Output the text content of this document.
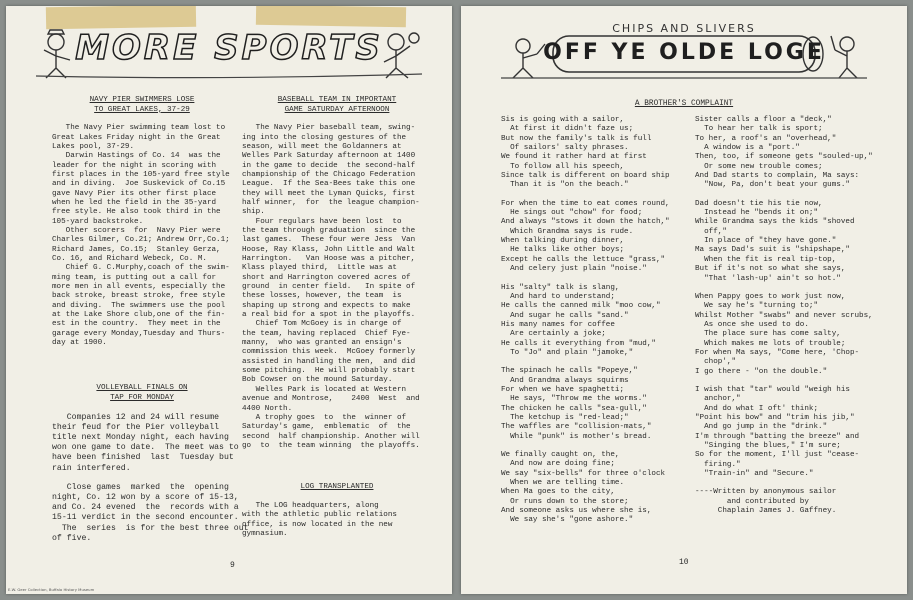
MORE SPORTS
NAVY PIER SWIMMERS LOSE
TO GREAT LAKES, 37-29

The Navy Pier swimming team lost to

Great Lakes Friday night in the Great

Lakes pool, 37-29.

Darwin Hastings of Co. 14  was the

leader for the night in scoring with

first places in the 105-yard free style

and in diving.  Joe Suskevick of Co.15

gave Navy Pier its other first place

when he led the field in the 35-yard

free style. He also took third in the

105-yard backstroke.

Other scorers  for  Navy Pier were

Charles Gilmer, Co.21; Andrew Orr,Co.1;

Richard James, Co.15;  Stanley Gerza,

Co. 16, and Richard Webeck, Co. M.

Chief G. C.Murphy,coach of the swim-

ming team, is putting out a call for

more men in all events, especially the

back stroke, breast stroke, free style

and diving.  The swimmers use the pool

at the Lake Shore club,one of the fin-

est in the country.  They meet in the

garage every Monday,Tuesday and Thurs-

day at 1900.

VOLLEYBALL FINALS ON
TAP FOR MONDAY

Companies 12 and 24 will resume

their feud for the Pier volleyball

title next Monday night, each having

won one game to date.  The meet was to

have been finished  last  Tuesday but

rain interfered.

Close games  marked  the  opening

night, Co. 12 won by a score of 15-13,

and Co. 24 evened  the  records with a

15-11 verdict in the second encounter.

The  series  is for the best three out

of five.

BASEBALL TEAM IN IMPORTANT
GAME SATURDAY AFTERNOON

The Navy Pier baseball team, swing-

ing into the closing gestures of the

season, will meet the Goldanners at

Welles Park Saturday afternoon at 1400

in the game to decide  the second-half

championship of the Chicago Federation

League.  If the Sea-Bees take this one

they will meet the Lyman Quicks, first

half winner,  for  the league champion-

ship.

Four regulars have been lost  to

the team through graduation  since the

last games.  These four were Jess  Van

Hoose, Ray Klass, John Little and Walt

Harrington.   Van Hoose was a pitcher,

Klass played third,  Little was at

short and Harrington covered acres of

ground  in center field.   In spite of

these losses, however, the team  is

shaping up strong and expects to make

a real bid for a spot in the playoffs.

Chief Tom McGoey is in charge of

the team, having replaced  Chief Fye-

manny,  who was granted an ensign's

commission this week.  McGoey formerly

assisted in handling the men,  and did

some pitching.  He will probably start

Bob Cowser on the mound Saturday.

Welles Park is located at Western

avenue and Montrose,    2400  West  and

4400 North.

A trophy goes  to  the  winner of

Saturday's game,  emblematic  of  the

second  half championship. Another will

go  to  the team winning  the playoffs.

LOG TRANSPLANTED

The LOG headquarters, along

with the athletic public relations

office, is now located in the new

gymnasium.

9
E.W. Geer Collection, Buffalo History Museum
CHIPS AND SLIVERS
OFF YE OLDE LOGE
A BROTHER'S COMPLAINT

Sis is going with a sailor,

At first it didn't faze us;

But now the family's talk is full

Of sailors' salty phrases.

We found it rather hard at first

To follow all his speech,

Since talk is different on board ship

Than it is "on the beach."

For when the time to eat comes round,

He sings out "chow" for food;

And always "stows it down the hatch,"

Which Grandma says is rude.

When talking during dinner,

He talks like other boys;

Except he calls the lettuce "grass,"

And celery just plain "noise."

His "salty" talk is slang,

And hard to understand;

He calls the canned milk "moo cow,"

And sugar he calls "sand."

His many names for coffee

Are certainly a joke;

He calls it everything from "mud,"

To "Jo" and plain "jamoke,"

The spinach he calls "Popeye,"

And Grandma always squirms

For when we have spaghetti;

He says, "Throw me the worms."

The chicken he calls "sea-gull,"

The ketchup is "red-lead;"

The waffles are "collision-mats,"

While "punk" is mother's bread.

We finally caught on, the,

And now are doing fine;

We say "six-bells" for three o'clock

When we are telling time.

When Ma goes to the city,

Or runs down to the store;

And someone asks us where she is,

We say she's "gone ashore."

Sister calls a floor a "deck,"

To hear her talk is sport;

To her, a roof's an "overhead,"

A window is a "port."

Then, too, if someone gets "souled-up,"

Or some new trouble comes;

And Dad starts to complain, Ma says:

"Now, Pa, don't beat your gums."

Dad doesn't tie his tie now,

Instead he "bends it on;"

While Grandma says the kids "shoved

off,"

In place of "they have gone."

Ma says Dad's suit is "shipshape,"

When the fit is real tip-top,

But if it's not so what she says,

"That 'lash-up' ain't so hot."

When Pappy goes to work just now,

We say he's "turning to;"

Whilst Mother "swabs" and never scrubs,

As once she used to do.

The place sure has come salty,

Which makes me lots of trouble;

For when Ma says, "Come here, 'Chop-

chop',"

I go there - "on the double."

I wish that "tar" would "weigh his

anchor,"

And do what I oft' think;

"Point his bow" and "trim his jib,"

And go jump in the "drink."

I'm through "batting the breeze" and

"Singing the blues," I'm sure;

So for the moment, I'll just "cease-

firing."

"Train-in" and "Secure."

----Written by anonymous sailor

and contributed by

Chaplain James J. Gaffney.

10
